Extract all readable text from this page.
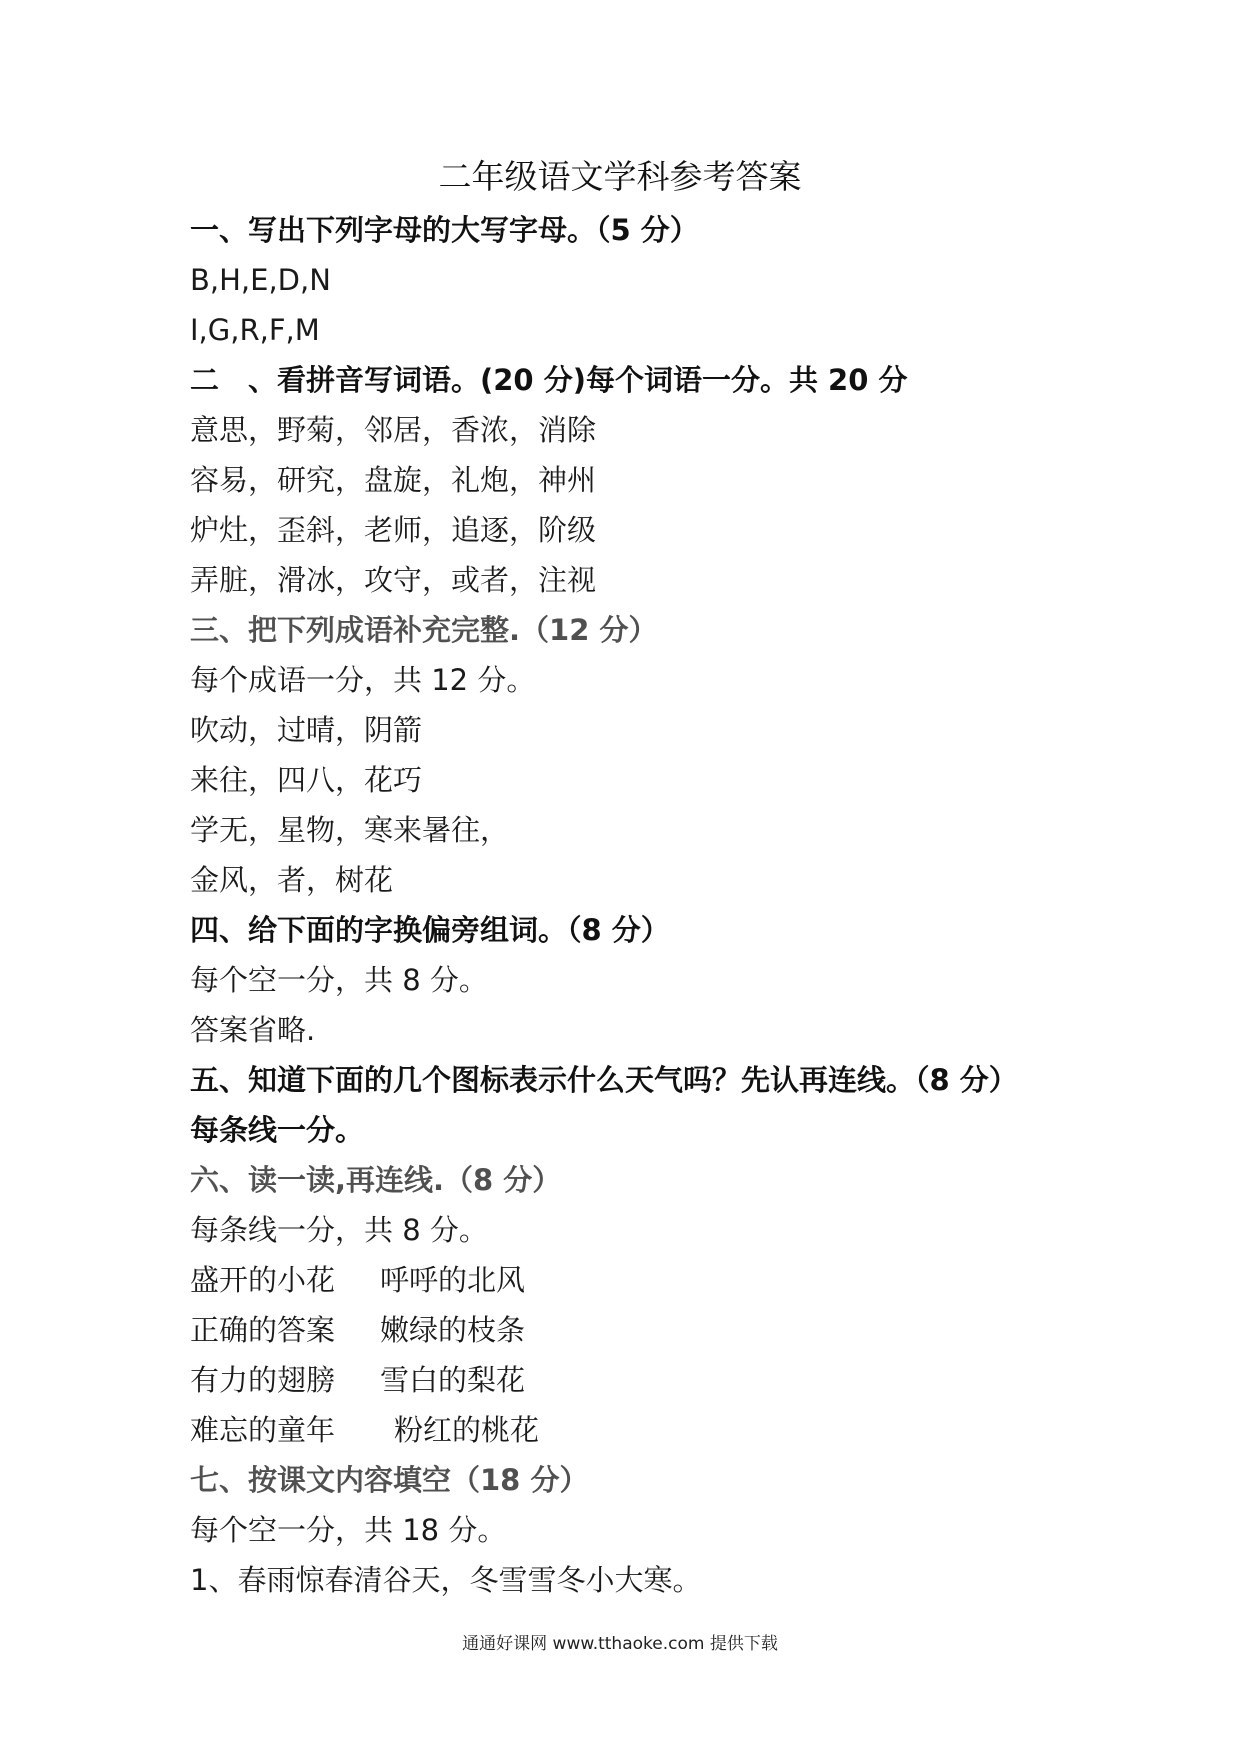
二年级语文学科参考答案
一、写出下列字母的大写字母。（5 分）
B,H,E,D,N
I,G,R,F,M
二　、看拼音写词语。(20 分)每个词语一分。共 20 分
意思，野菊，邻居，香浓，消除
容易，研究，盘旋，礼炮，神州
炉灶，歪斜，老师，追逐，阶级
弄脏，滑冰，攻守，或者，注视
三、把下列成语补充完整.（12 分）
每个成语一分，共 12 分。
吹动，过晴，阴箭
来往，四八，花巧
学无，星物，寒来暑往，
金风，者，树花
四、给下面的字换偏旁组词。（8 分）
每个空一分，共 8 分。
答案省略.
五、知道下面的几个图标表示什么天气吗？先认再连线。（8 分）
每条线一分。
六、读一读,再连线.（8 分）
每条线一分，共 8 分。
盛开的小花 呼呼的北风
正确的答案 嫩绿的枝条
有力的翅膀 雪白的梨花
难忘的童年 粉红的桃花
七、按课文内容填空（18 分）
每个空一分，共 18 分。
1、春雨惊春清谷天，冬雪雪冬小大寒。
通通好课网 www.tthaoke.com 提供下载
